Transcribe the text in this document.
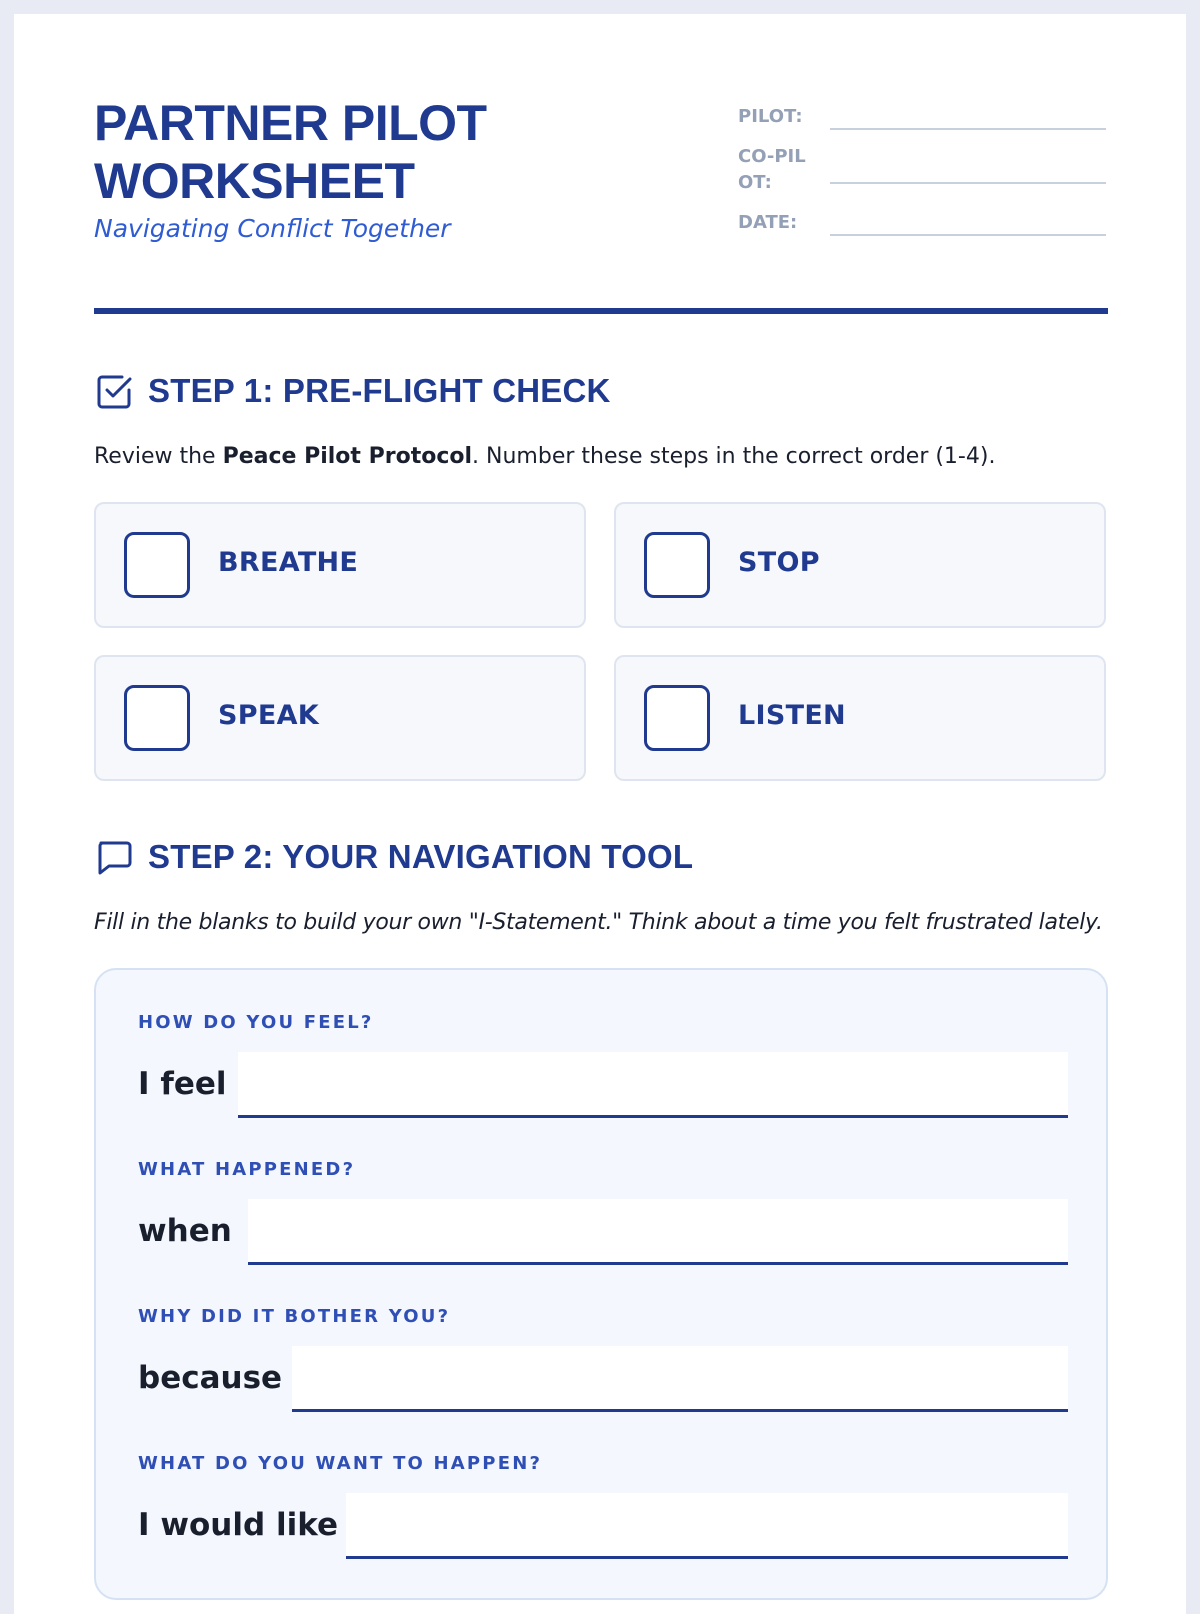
PARTNER PILOT
WORKSHEET
Navigating Conflict Together
PILOT:
CO-PILOT:
DATE:
STEP 1: PRE-FLIGHT CHECK
Review the Peace Pilot Protocol. Number these steps in the correct order (1-4).
BREATHE	STOP
SPEAK	LISTEN
STEP 2: YOUR NAVIGATION TOOL
Fill in the blanks to build your own "I-Statement." Think about a time you felt frustrated lately.
HOW DO YOU FEEL?
I feel
WHAT HAPPENED?
when
WHY DID IT BOTHER YOU?
because
WHAT DO YOU WANT TO HAPPEN?
I would like
